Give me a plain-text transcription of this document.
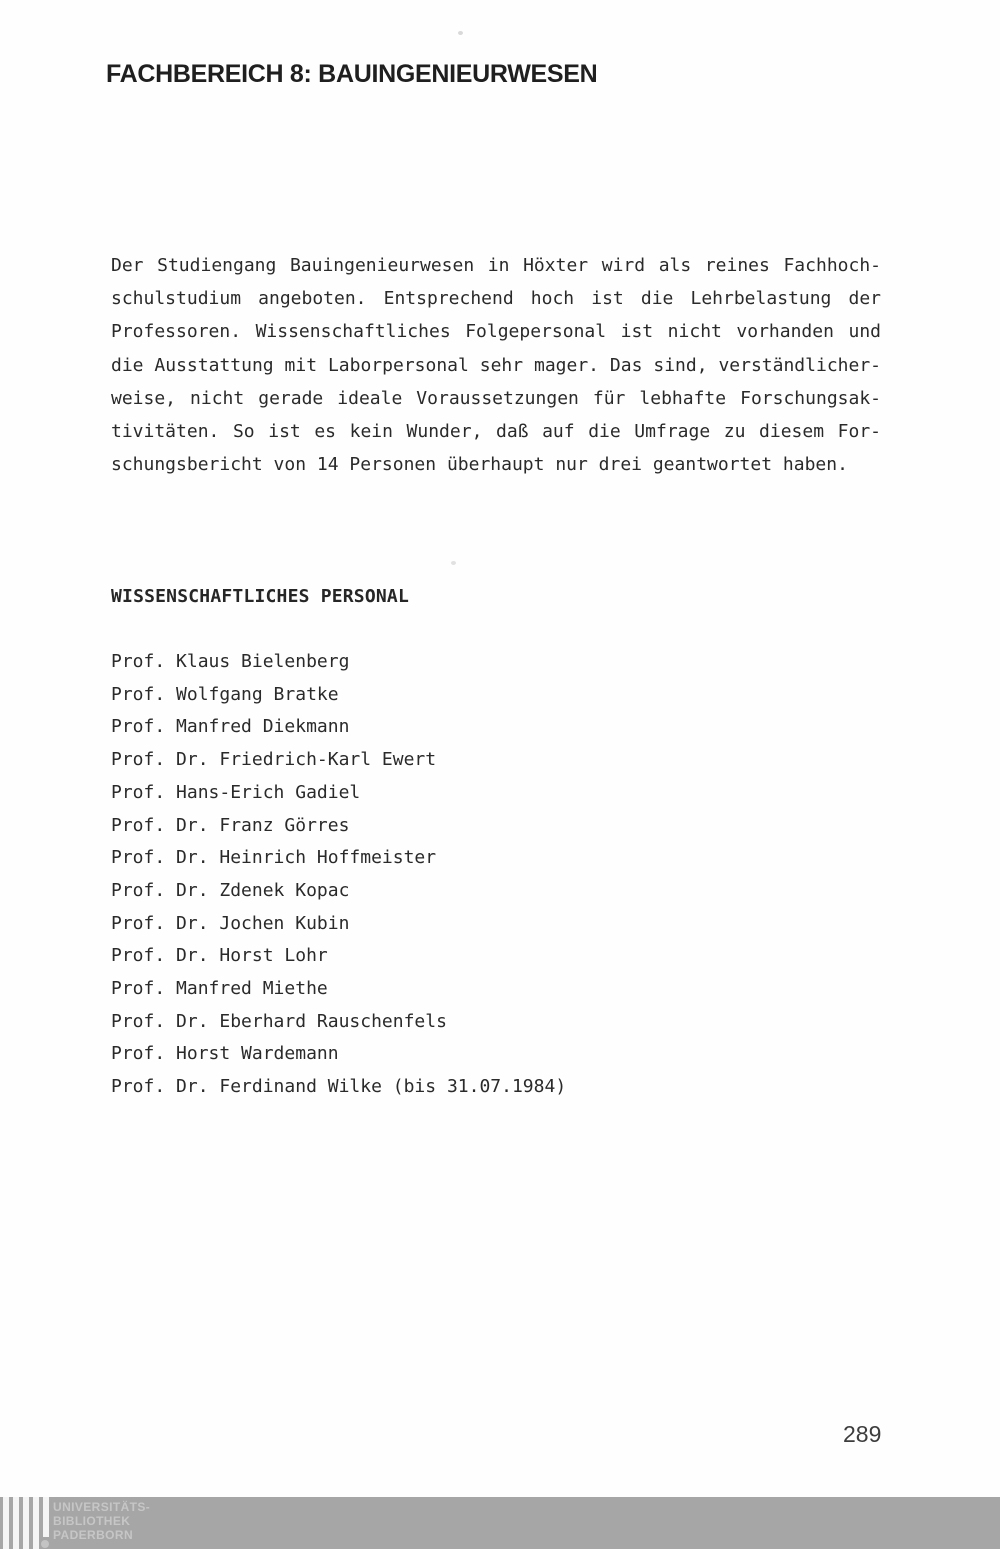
FACHBEREICH 8: BAUINGENIEURWESEN
Der Studiengang Bauingenieurwesen in Höxter wird als reines Fachhoch-
schulstudium angeboten. Entsprechend hoch ist die Lehrbelastung der
Professoren. Wissenschaftliches Folgepersonal ist nicht vorhanden und
die Ausstattung mit Laborpersonal sehr mager. Das sind, verständlicher-
weise, nicht gerade ideale Voraussetzungen für lebhafte Forschungsak-
tivitäten. So ist es kein Wunder, daß auf die Umfrage zu diesem For-
schungsbericht von 14 Personen überhaupt nur drei geantwortet haben.
WISSENSCHAFTLICHES PERSONAL
Prof. Klaus Bielenberg
Prof. Wolfgang Bratke
Prof. Manfred Diekmann
Prof. Dr. Friedrich-Karl Ewert
Prof. Hans-Erich Gadiel
Prof. Dr. Franz Görres
Prof. Dr. Heinrich Hoffmeister
Prof. Dr. Zdenek Kopac
Prof. Dr. Jochen Kubin
Prof. Dr. Horst Lohr
Prof. Manfred Miethe
Prof. Dr. Eberhard Rauschenfels
Prof. Horst Wardemann
Prof. Dr. Ferdinand Wilke (bis 31.07.1984)
289
UNIVERSITÄTS-
BIBLIOTHEK
PADERBORN
